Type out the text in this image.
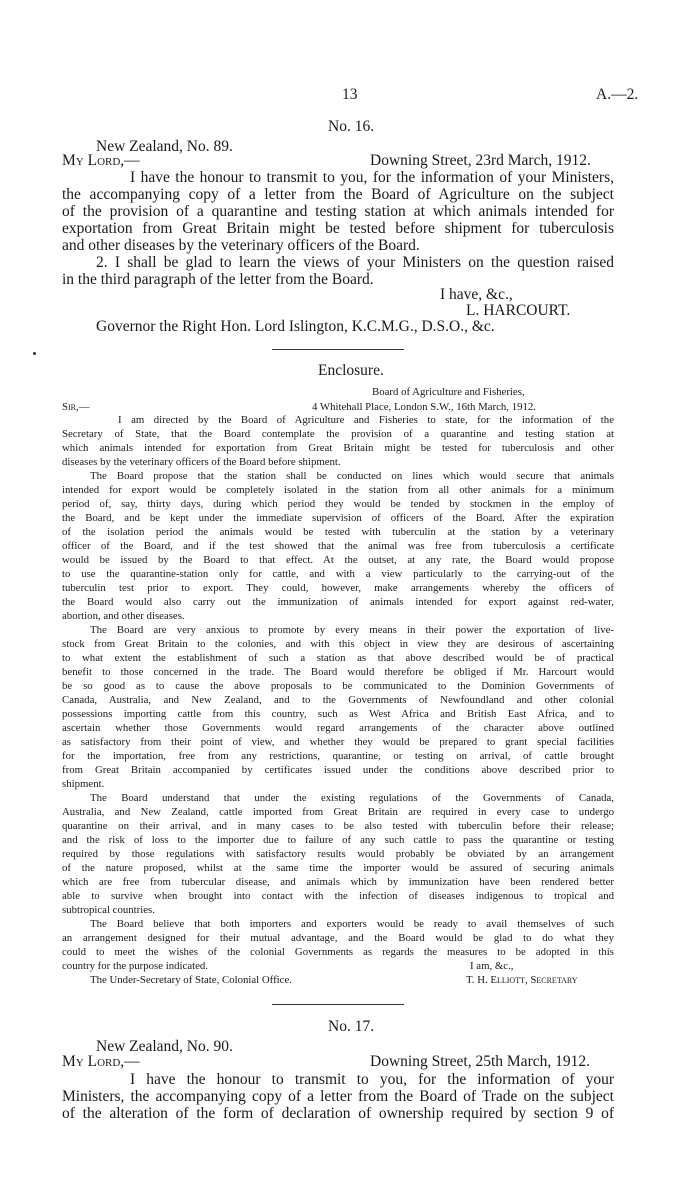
13	A.—2.
No. 16.
New Zealand, No. 89.
My Lord,—	Downing Street, 23rd March, 1912.
I have the honour to transmit to you, for the information of your Ministers,
the accompanying copy of a letter from the Board of Agriculture on the subject
of the provision of a quarantine and testing station at which animals intended for
exportation from Great Britain might be tested before shipment for tuberculosis
and other diseases by the veterinary officers of the Board.
2. I shall be glad to learn the views of your Ministers on the question raised
in the third paragraph of the letter from the Board.
I have, &c.,
L. HARCOURT.
Governor the Right Hon. Lord Islington, K.C.M.G., D.S.O., &c.
Enclosure.
Board of Agriculture and Fisheries,
Sir,—	4 Whitehall Place, London S.W., 16th March, 1912.
I am directed by the Board of Agriculture and Fisheries to state, for the information of the
Secretary of State, that the Board contemplate the provision of a quarantine and testing station at
which animals intended for exportation from Great Britain might be tested for tuberculosis and other
diseases by the veterinary officers of the Board before shipment.
The Board propose that the station shall be conducted on lines which would secure that animals
intended for export would be completely isolated in the station from all other animals for a minimum
period of, say, thirty days, during which period they would be tended by stockmen in the employ of
the Board, and be kept under the immediate supervision of officers of the Board. After the expiration
of the isolation period the animals would be tested with tuberculin at the station by a veterinary
officer of the Board, and if the test showed that the animal was free from tuberculosis a certificate
would be issued by the Board to that effect. At the outset, at any rate, the Board would propose
to use the quarantine-station only for cattle, and with a view particularly to the carrying-out of the
tuberculin test prior to export. They could, however, make arrangements whereby the officers of
the Board would also carry out the immunization of animals intended for export against red-water,
abortion, and other diseases.
The Board are very anxious to promote by every means in their power the exportation of live-
stock from Great Britain to the colonies, and with this object in view they are desirous of ascertaining
to what extent the establishment of such a station as that above described would be of practical
benefit to those concerned in the trade. The Board would therefore be obliged if Mr. Harcourt would
be so good as to cause the above proposals to be communicated to the Dominion Governments of
Canada, Australia, and New Zealand, and to the Governments of Newfoundland and other colonial
possessions importing cattle from this country, such as West Africa and British East Africa, and to
ascertain whether those Governments would regard arrangements of the character above outlined
as satisfactory from their point of view, and whether they would be prepared to grant special facilities
for the importation, free from any restrictions, quarantine, or testing on arrival, of cattle brought
from Great Britain accompanied by certificates issued under the conditions above described prior to
shipment.
The Board understand that under the existing regulations of the Governments of Canada,
Australia, and New Zealand, cattle imported from Great Britain are required in every case to undergo
quarantine on their arrival, and in many cases to be also tested with tuberculin before their release;
and the risk of loss to the importer due to failure of any such cattle to pass the quarantine or testing
required by those regulations with satisfactory results would probably be obviated by an arrangement
of the nature proposed, whilst at the same time the importer would be assured of securing animals
which are free from tubercular disease, and animals which by immunization have been rendered better
able to survive when brought into contact with the infection of diseases indigenous to tropical and
subtropical countries.
The Board believe that both importers and exporters would be ready to avail themselves of such
an arrangement designed for their mutual advantage, and the Board would be glad to do what they
could to meet the wishes of the colonial Governments as regards the measures to be adopted in this
country for the purpose indicated.	I am, &c.,
The Under-Secretary of State, Colonial Office.	T. H. Elliott, Secretary
No. 17.
New Zealand, No. 90.
My Lord,—	Downing Street, 25th March, 1912.
I have the honour to transmit to you, for the information of your
Ministers, the accompanying copy of a letter from the Board of Trade on the subject
of the alteration of the form of declaration of ownership required by section 9 of
